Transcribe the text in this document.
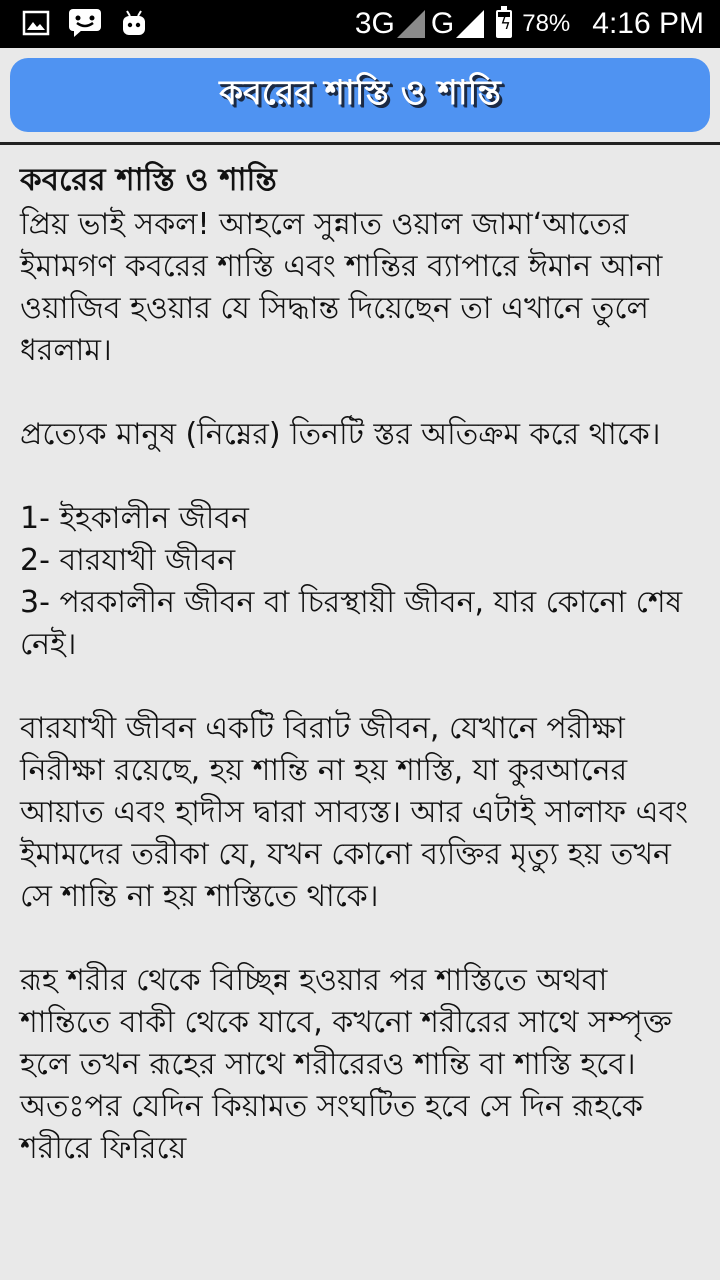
3G G	ϟ 78% 4:16 PM
কবরের শাস্তি ও শান্তি
কবরের শাস্তি ও শান্তি
প্রিয় ভাই সকল! আহলে সুন্নাত ওয়াল জামা‘আতের ইমামগণ কবরের শাস্তি এবং শান্তির ব্যাপারে ঈমান আনা ওয়াজিব হওয়ার যে সিদ্ধান্ত দিয়েছেন তা এখানে তুলে ধরলাম।
প্রত্যেক মানুষ (নিম্নের) তিনটি স্তর অতিক্রম করে থাকে।
1- ইহকালীন জীবন
2- বারযাখী জীবন
3- পরকালীন জীবন বা চিরস্থায়ী জীবন, যার কোনো শেষ নেই।
বারযাখী জীবন একটি বিরাট জীবন, যেখানে পরীক্ষা নিরীক্ষা রয়েছে, হয় শান্তি না হয় শাস্তি, যা কুরআনের আয়াত এবং হাদীস দ্বারা সাব্যস্ত। আর এটাই সালাফ এবং ইমামদের তরীকা যে, যখন কোনো ব্যক্তির মৃত্যু হয় তখন সে শান্তি না হয় শাস্তিতে থাকে।
রূহ শরীর থেকে বিচ্ছিন্ন হওয়ার পর শাস্তিতে অথবা শান্তিতে বাকী থেকে যাবে, কখনো শরীরের সাথে সম্পৃক্ত হলে তখন রূহের সাথে শরীরেরও শান্তি বা শাস্তি হবে। অতঃপর যেদিন কিয়ামত সংঘটিত হবে সে দিন রূহকে শরীরে ফিরিয়ে
